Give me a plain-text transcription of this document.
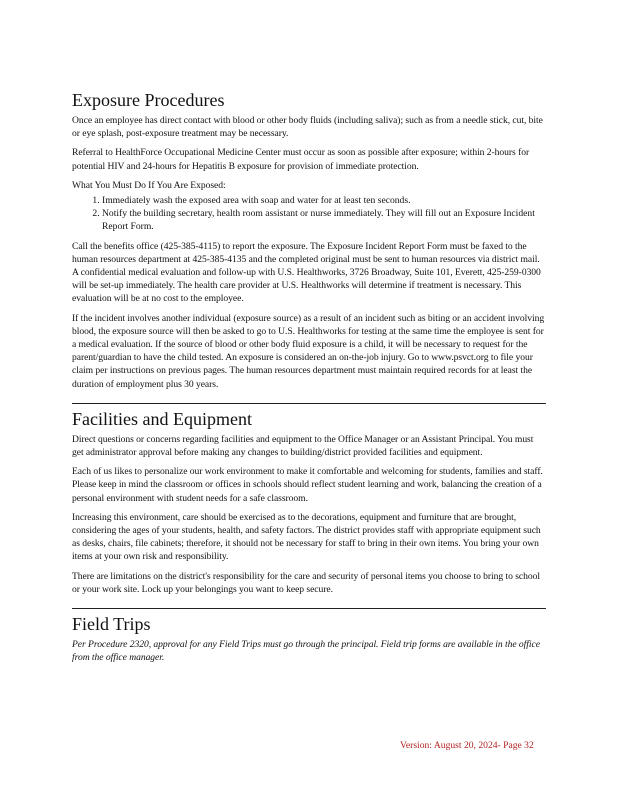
Exposure Procedures

Once an employee has direct contact with blood or other body fluids (including saliva); such as from a needle stick, cut, bite or eye splash, post-exposure treatment may be necessary.

Referral to HealthForce Occupational Medicine Center must occur as soon as possible after exposure; within 2-hours for potential HIV and 24-hours for Hepatitis B exposure for provision of immediate protection.

What You Must Do If You Are Exposed:

1. Immediately wash the exposed area with soap and water for at least ten seconds.
2. Notify the building secretary, health room assistant or nurse immediately. They will fill out an Exposure Incident Report Form.

Call the benefits office (425-385-4115) to report the exposure. The Exposure Incident Report Form must be faxed to the human resources department at 425-385-4135 and the completed original must be sent to human resources via district mail. A confidential medical evaluation and follow-up with U.S. Healthworks, 3726 Broadway, Suite 101, Everett, 425-259-0300 will be set-up immediately. The health care provider at U.S. Healthworks will determine if treatment is necessary. This evaluation will be at no cost to the employee.

If the incident involves another individual (exposure source) as a result of an incident such as biting or an accident involving blood, the exposure source will then be asked to go to U.S. Healthworks for testing at the same time the employee is sent for a medical evaluation. If the source of blood or other body fluid exposure is a child, it will be necessary to request for the parent/guardian to have the child tested. An exposure is considered an on-the-job injury. Go to www.psvct.org to file your claim per instructions on previous pages. The human resources department must maintain required records for at least the duration of employment plus 30 years.

Facilities and Equipment

Direct questions or concerns regarding facilities and equipment to the Office Manager or an Assistant Principal. You must get administrator approval before making any changes to building/district provided facilities and equipment.

Each of us likes to personalize our work environment to make it comfortable and welcoming for students, families and staff. Please keep in mind the classroom or offices in schools should reflect student learning and work, balancing the creation of a personal environment with student needs for a safe classroom.

Increasing this environment, care should be exercised as to the decorations, equipment and furniture that are brought, considering the ages of your students, health, and safety factors. The district provides staff with appropriate equipment such as desks, chairs, file cabinets; therefore, it should not be necessary for staff to bring in their own items. You bring your own items at your own risk and responsibility.

There are limitations on the district's responsibility for the care and security of personal items you choose to bring to school or your work site. Lock up your belongings you want to keep secure.

Field Trips

Per Procedure 2320, approval for any Field Trips must go through the principal. Field trip forms are available in the office from the office manager.

Version: August 20, 2024- Page 32
